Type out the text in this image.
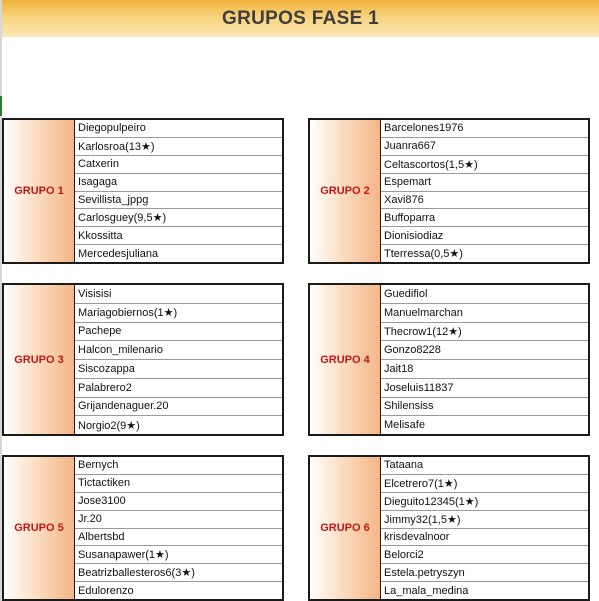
GRUPOS FASE 1
GRUPO 1
Diegopulpeiro
Karlosroa(13★)
Catxerin
Isagaga
Sevillista_jppg
Carlosguey(9,5★)
Kkossitta
Mercedesjuliana
GRUPO 2
Barcelones1976
Juanra667
Celtascortos(1,5★)
Espemart
Xavi876
Buffoparra
Dionisiodiaz
Tterressa(0,5★)
GRUPO 3
Visisisi
Mariagobiernos(1★)
Pachepe
Halcon_milenario
Siscozappa
Palabrero2
Grijandenaguer.20
Norgio2(9★)
GRUPO 4
Guedifiol
Manuelmarchan
Thecrow1(12★)
Gonzo8228
Jait18
Joseluis11837
Shilensiss
Melisafe
GRUPO 5
Bernych
Tictactiken
Jose3100
Jr.20
Albertsbd
Susanapawer(1★)
Beatrizballesteros6(3★)
Edulorenzo
GRUPO 6
Tataana
Elcetrero7(1★)
Dieguito12345(1★)
Jimmy32(1,5★)
krisdevalnoor
Belorci2
Estela.petryszyn
La_mala_medina
